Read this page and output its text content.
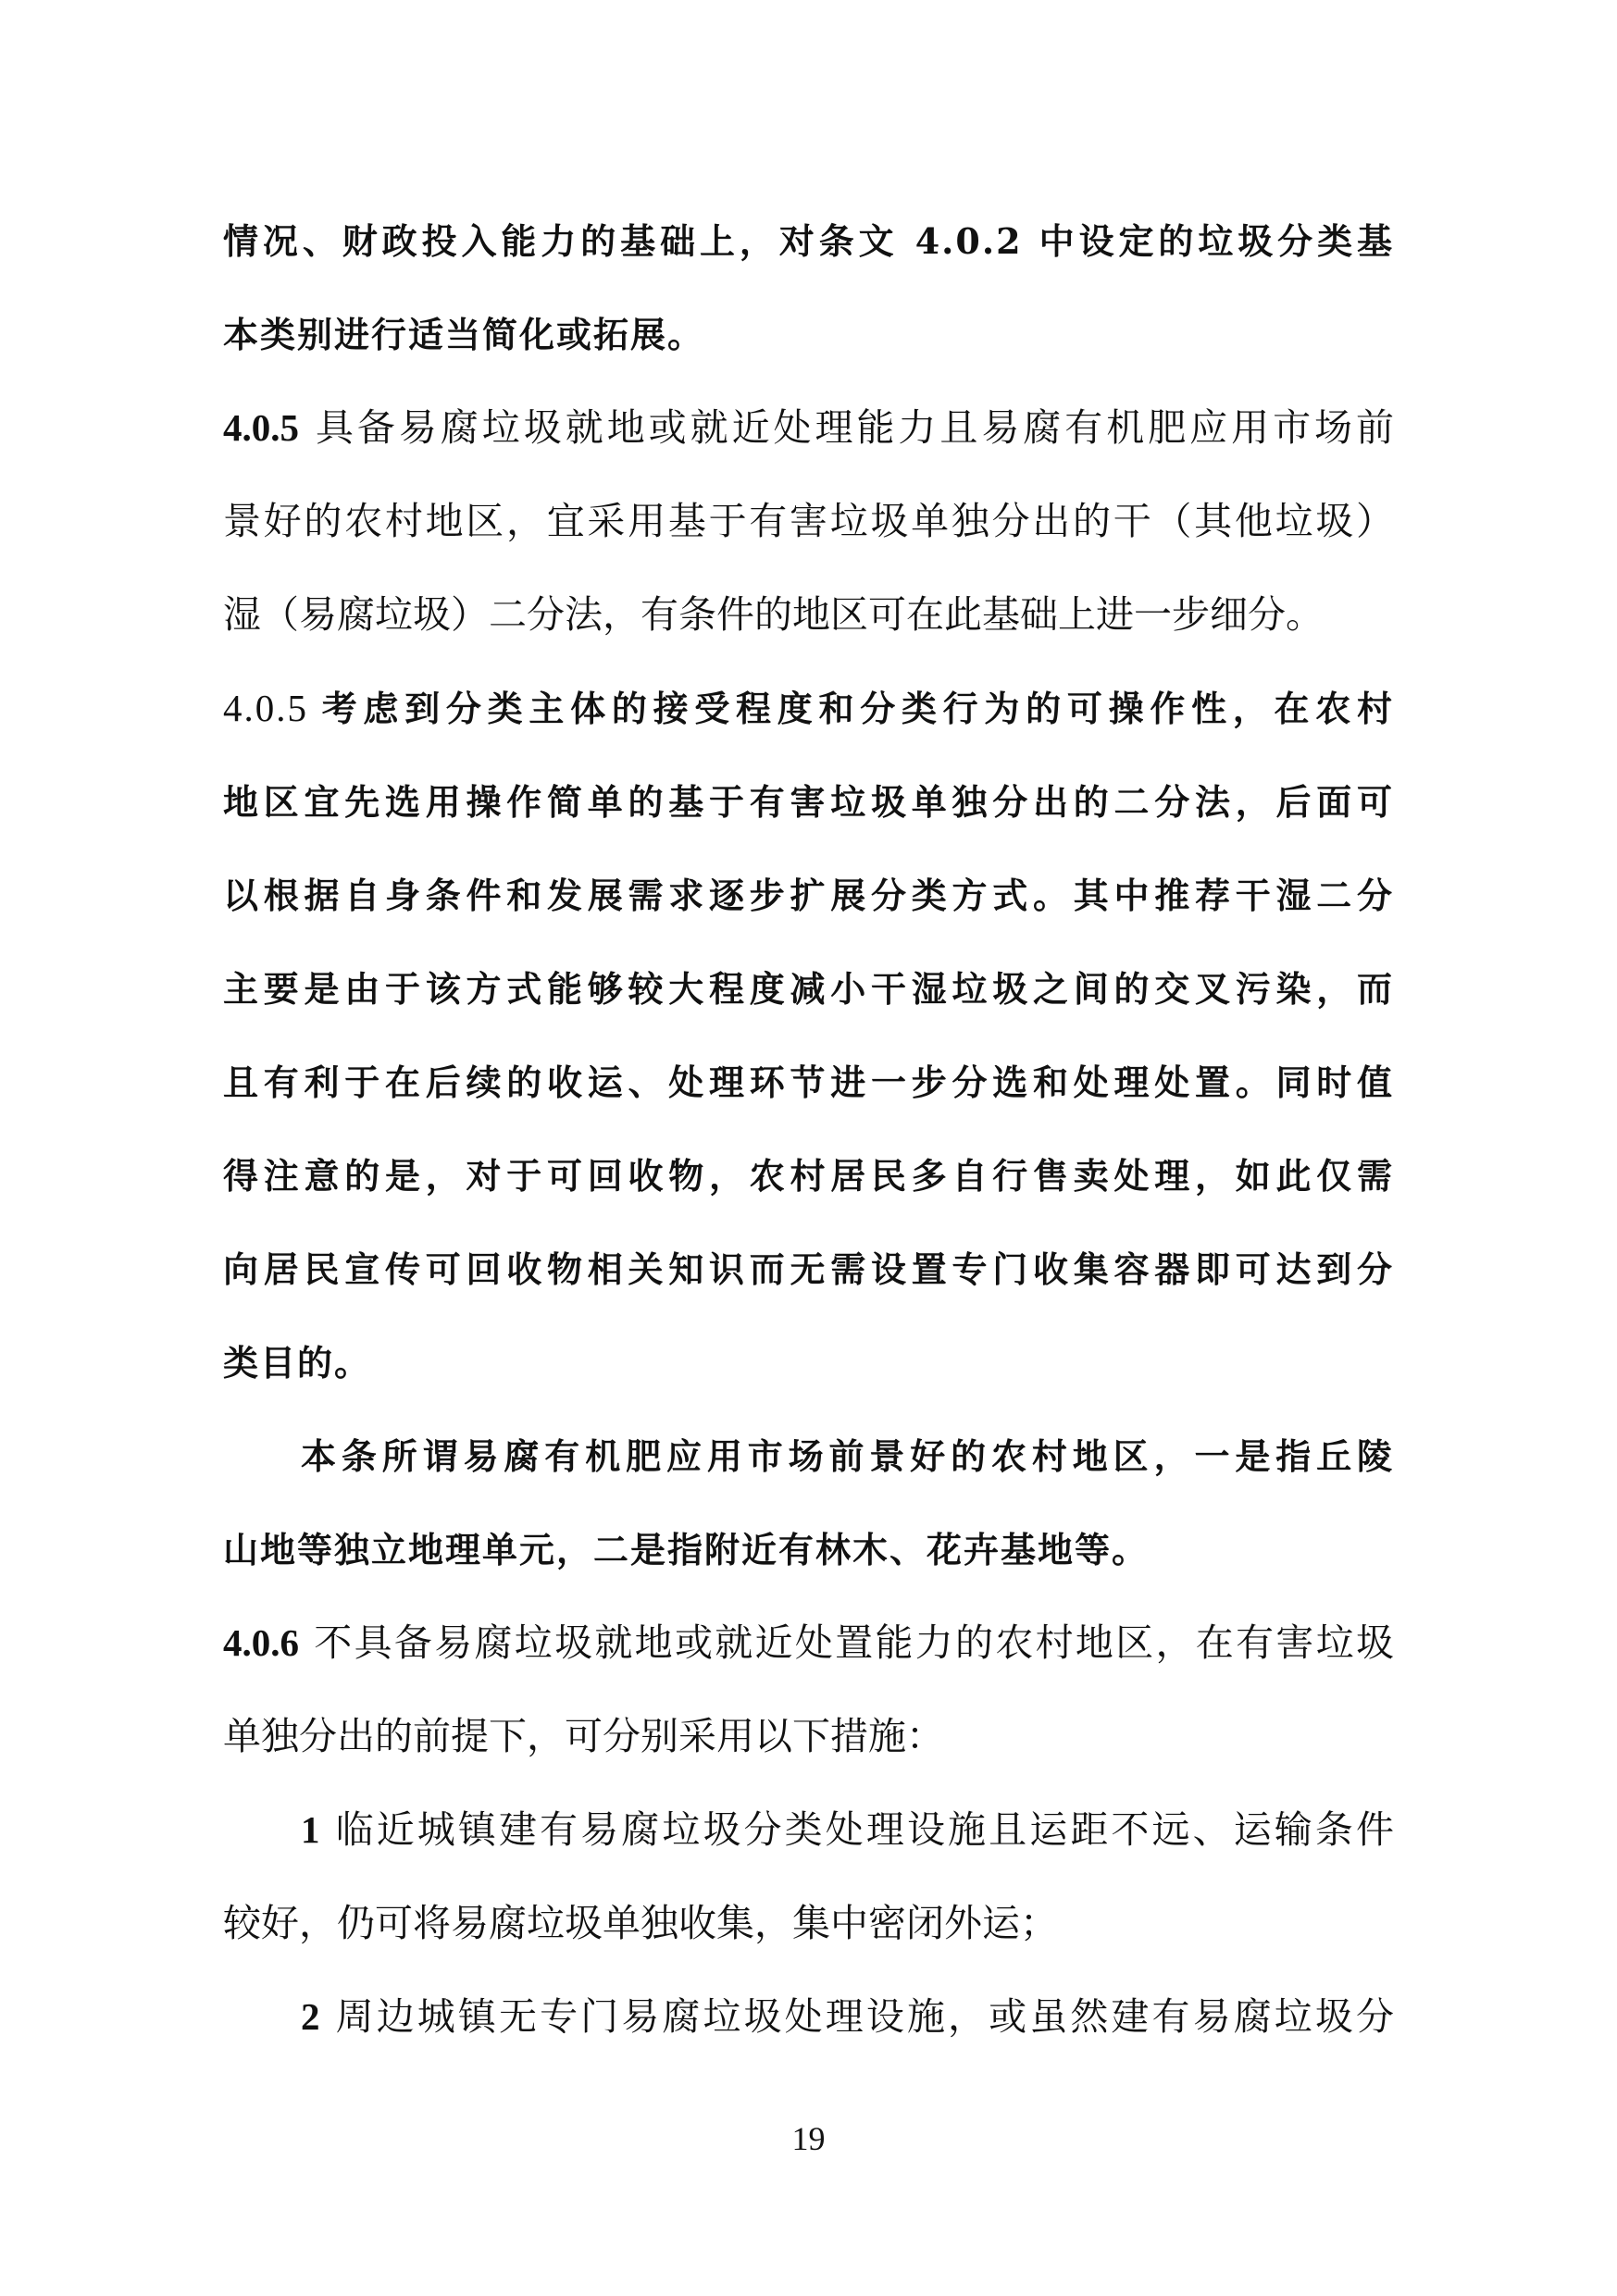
情况、财政投入能力的基础上，对条文 4.0.2 中设定的垃圾分类基
本类别进行适当简化或拓展。
4.0.5 具备易腐垃圾就地或就近处理能力且易腐有机肥应用市场前
景好的农村地区，宜采用基于有害垃圾单独分出的干（其他垃圾）
湿（易腐垃圾）二分法，有条件的地区可在此基础上进一步细分。
4.0.5 考虑到分类主体的接受程度和分类行为的可操作性，在农村
地区宜先选用操作简单的基于有害垃圾单独分出的二分法，后面可
以根据自身条件和发展需求逐步扩展分类方式。其中推荐干湿二分
主要是由于该方式能够较大程度减小干湿垃圾之间的交叉污染，而
且有利于在后续的收运、处理环节进一步分选和处理处置。同时值
得注意的是，对于可回收物，农村居民多自行售卖处理，如此仅需
向居民宣传可回收物相关知识而无需设置专门收集容器即可达到分
类目的。
本条所谓易腐有机肥应用市场前景好的农村地区，一是指丘陵
山地等独立地理单元，二是指附近有林木、花卉基地等。
4.0.6 不具备易腐垃圾就地或就近处置能力的农村地区，在有害垃圾
单独分出的前提下，可分别采用以下措施：
1 临近城镇建有易腐垃圾分类处理设施且运距不远、运输条件
较好，仍可将易腐垃圾单独收集，集中密闭外运；
2 周边城镇无专门易腐垃圾处理设施，或虽然建有易腐垃圾分
19
